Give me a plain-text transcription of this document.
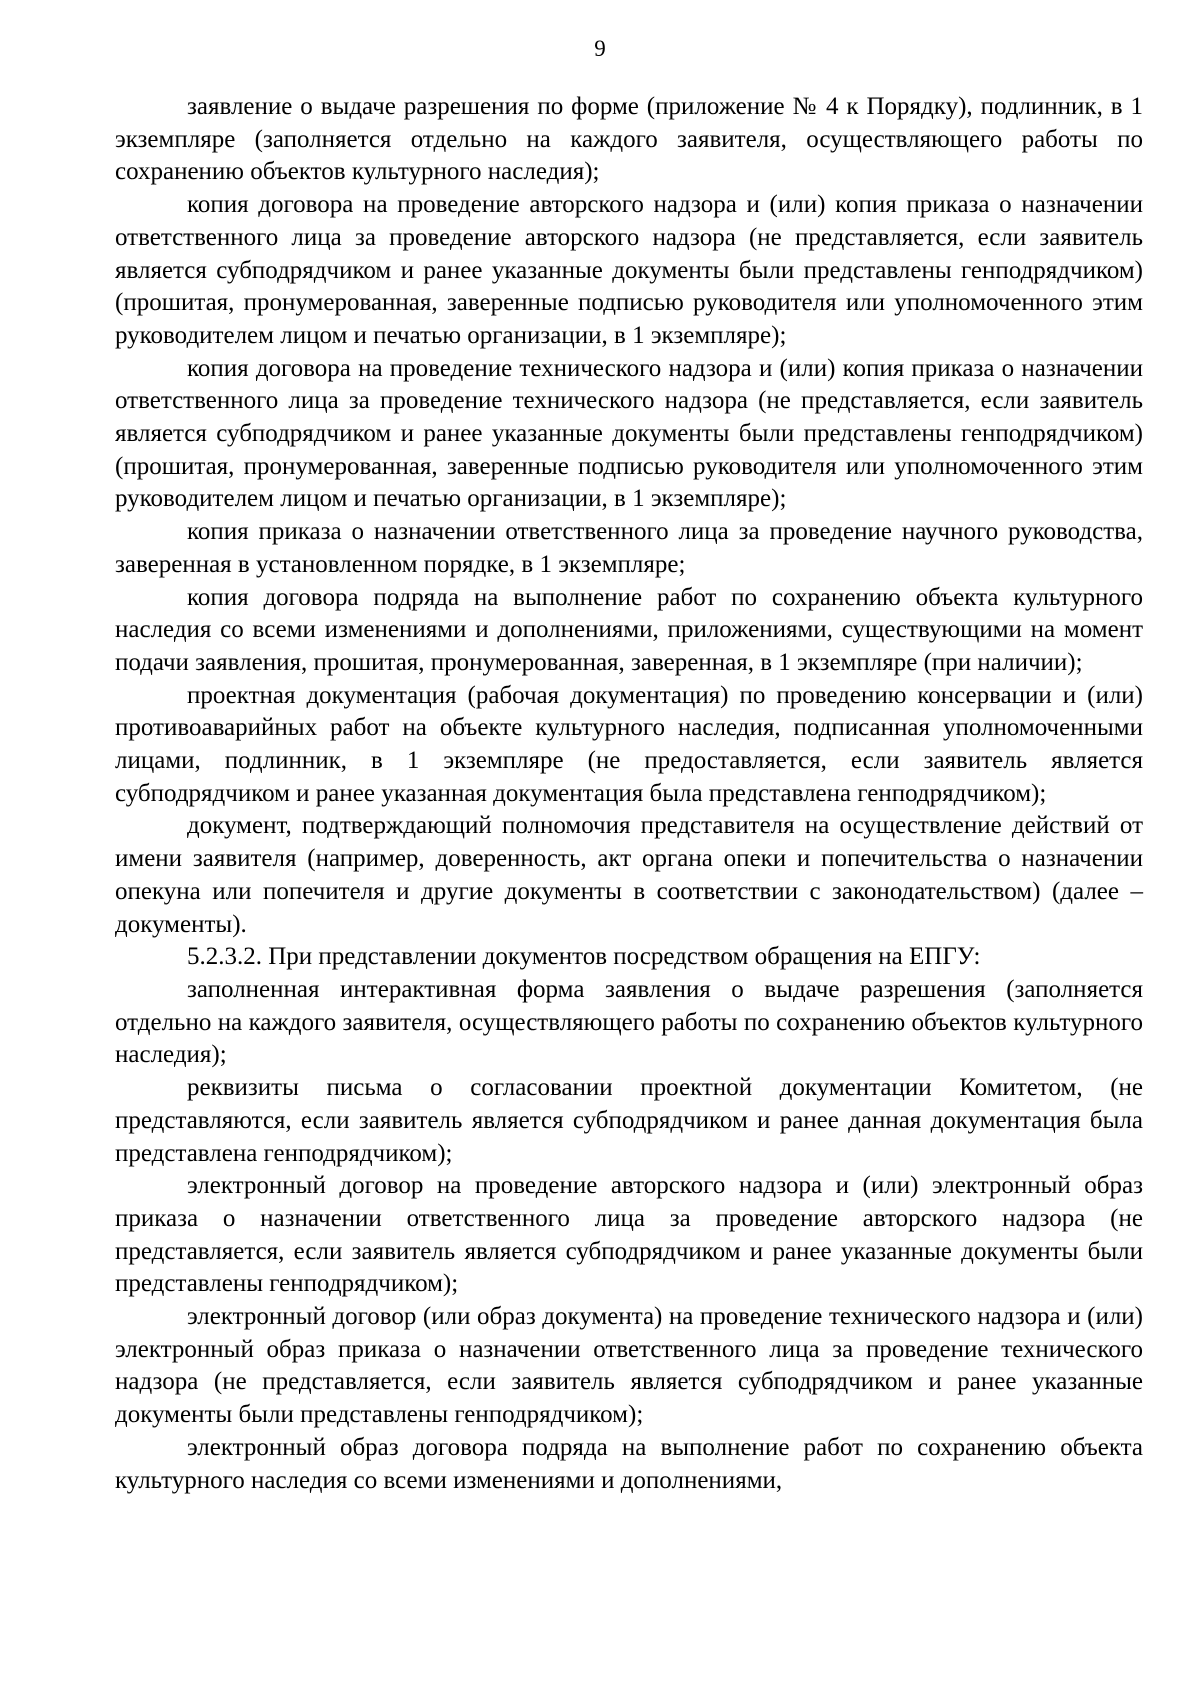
9

заявление о выдаче разрешения по форме (приложение № 4 к Порядку), подлинник, в 1 экземпляре (заполняется отдельно на каждого заявителя, осуществляющего работы по сохранению объектов культурного наследия);

копия договора на проведение авторского надзора и (или) копия приказа о назначении ответственного лица за проведение авторского надзора (не представляется, если заявитель является субподрядчиком и ранее указанные документы были представлены генподрядчиком) (прошитая, пронумерованная, заверенные подписью руководителя или уполномоченного этим руководителем лицом и печатью организации, в 1 экземпляре);

копия договора на проведение технического надзора и (или) копия приказа о назначении ответственного лица за проведение технического надзора (не представляется, если заявитель является субподрядчиком и ранее указанные документы были представлены генподрядчиком) (прошитая, пронумерованная, заверенные подписью руководителя или уполномоченного этим руководителем лицом и печатью организации, в 1 экземпляре);

копия приказа о назначении ответственного лица за проведение научного руководства, заверенная в установленном порядке, в 1 экземпляре;

копия договора подряда на выполнение работ по сохранению объекта культурного наследия со всеми изменениями и дополнениями, приложениями, существующими на момент подачи заявления, прошитая, пронумерованная, заверенная, в 1 экземпляре (при наличии);

проектная документация (рабочая документация) по проведению консервации и (или) противоаварийных работ на объекте культурного наследия, подписанная уполномоченными лицами, подлинник, в 1 экземпляре (не предоставляется, если заявитель является субподрядчиком и ранее указанная документация была представлена генподрядчиком);

документ, подтверждающий полномочия представителя на осуществление действий от имени заявителя (например, доверенность, акт органа опеки и попечительства о назначении опекуна или попечителя и другие документы в соответствии с законодательством) (далее – документы).

5.2.3.2. При представлении документов посредством обращения на ЕПГУ:

заполненная интерактивная форма заявления о выдаче разрешения (заполняется отдельно на каждого заявителя, осуществляющего работы по сохранению объектов культурного наследия);

реквизиты письма о согласовании проектной документации Комитетом, (не представляются, если заявитель является субподрядчиком и ранее данная документация была представлена генподрядчиком);

электронный договор на проведение авторского надзора и (или) электронный образ приказа о назначении ответственного лица за проведение авторского надзора (не представляется, если заявитель является субподрядчиком и ранее указанные документы были представлены генподрядчиком);

электронный договор (или образ документа) на проведение технического надзора и (или) электронный образ приказа о назначении ответственного лица за проведение технического надзора (не представляется, если заявитель является субподрядчиком и ранее указанные документы были представлены генподрядчиком);

электронный образ договора подряда на выполнение работ по сохранению объекта культурного наследия со всеми изменениями и дополнениями,
